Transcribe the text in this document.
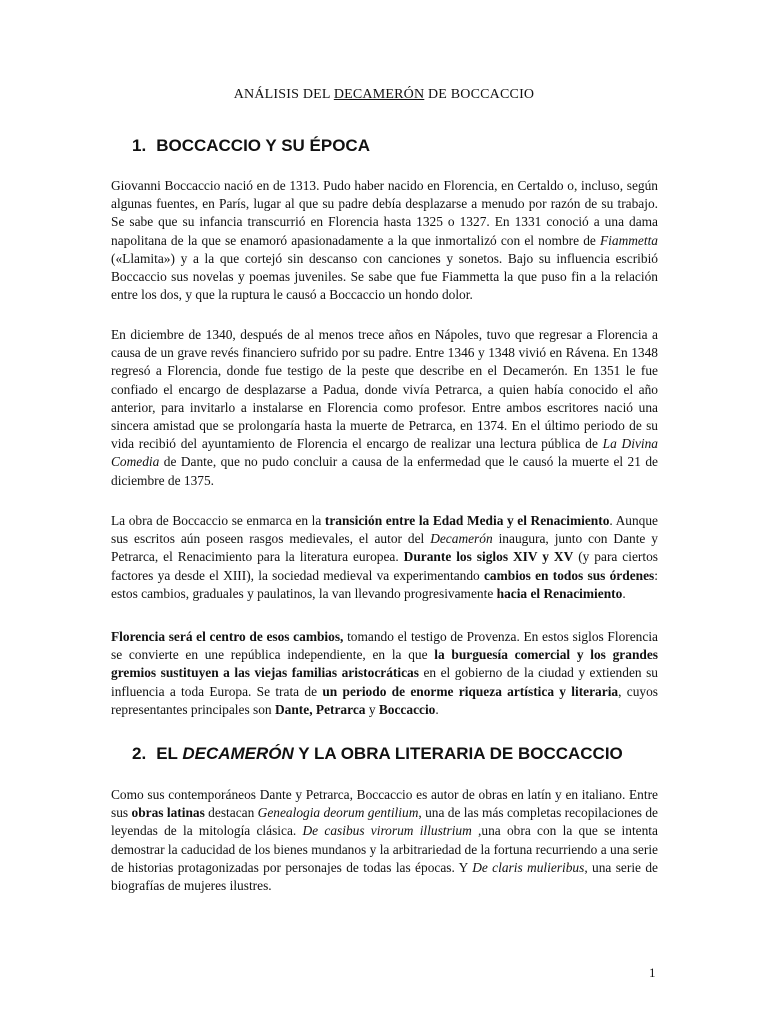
ANÁLISIS DEL DECAMERÓN DE BOCCACCIO
1. BOCCACCIO Y SU ÉPOCA

Giovanni Boccaccio nació en de 1313. Pudo haber nacido en Florencia, en Certaldo o, incluso, según algunas fuentes, en París, lugar al que su padre debía desplazarse a menudo por razón de su trabajo. Se sabe que su infancia transcurrió en Florencia hasta 1325 o 1327. En 1331 conoció a una dama napolitana de la que se enamoró apasionadamente a la que inmortalizó con el nombre de Fiammetta («Llamita») y a la que cortejó sin descanso con canciones y sonetos. Bajo su influencia escribió Boccaccio sus novelas y poemas juveniles. Se sabe que fue Fiammetta la que puso fin a la relación entre los dos, y que la ruptura le causó a Boccaccio un hondo dolor.

En diciembre de 1340, después de al menos trece años en Nápoles, tuvo que regresar a Florencia a causa de un grave revés financiero sufrido por su padre. Entre 1346 y 1348 vivió en Rávena. En 1348 regresó a Florencia, donde fue testigo de la peste que describe en el Decamerón. En 1351 le fue confiado el encargo de desplazarse a Padua, donde vivía Petrarca, a quien había conocido el año anterior, para invitarlo a instalarse en Florencia como profesor. Entre ambos escritores nació una sincera amistad que se prolongaría hasta la muerte de Petrarca, en 1374. En el último periodo de su vida recibió del ayuntamiento de Florencia el encargo de realizar una lectura pública de La Divina Comedia de Dante, que no pudo concluir a causa de la enfermedad que le causó la muerte el 21 de diciembre de 1375.

La obra de Boccaccio se enmarca en la transición entre la Edad Media y el Renacimiento. Aunque sus escritos aún poseen rasgos medievales, el autor del Decamerón inaugura, junto con Dante y Petrarca, el Renacimiento para la literatura europea. Durante los siglos XIV y XV (y para ciertos factores ya desde el XIII), la sociedad medieval va experimentando cambios en todos sus órdenes: estos cambios, graduales y paulatinos, la van llevando progresivamente hacia el Renacimiento.

Florencia será el centro de esos cambios, tomando el testigo de Provenza. En estos siglos Florencia se convierte en une república independiente, en la que la burguesía comercial y los grandes gremios sustituyen a las viejas familias aristocráticas en el gobierno de la ciudad y extienden su influencia a toda Europa. Se trata de un periodo de enorme riqueza artística y literaria, cuyos representantes principales son Dante, Petrarca y Boccaccio.

2. EL DECAMERÓN Y LA OBRA LITERARIA DE BOCCACCIO

Como sus contemporáneos Dante y Petrarca, Boccaccio es autor de obras en latín y en italiano. Entre sus obras latinas destacan Genealogia deorum gentilium, una de las más completas recopilaciones de leyendas de la mitología clásica. De casibus virorum illustrium ,una obra con la que se intenta demostrar la caducidad de los bienes mundanos y la arbitrariedad de la fortuna recurriendo a una serie de historias protagonizadas por personajes de todas las épocas. Y De claris mulieribus, una serie de biografías de mujeres ilustres.

1
